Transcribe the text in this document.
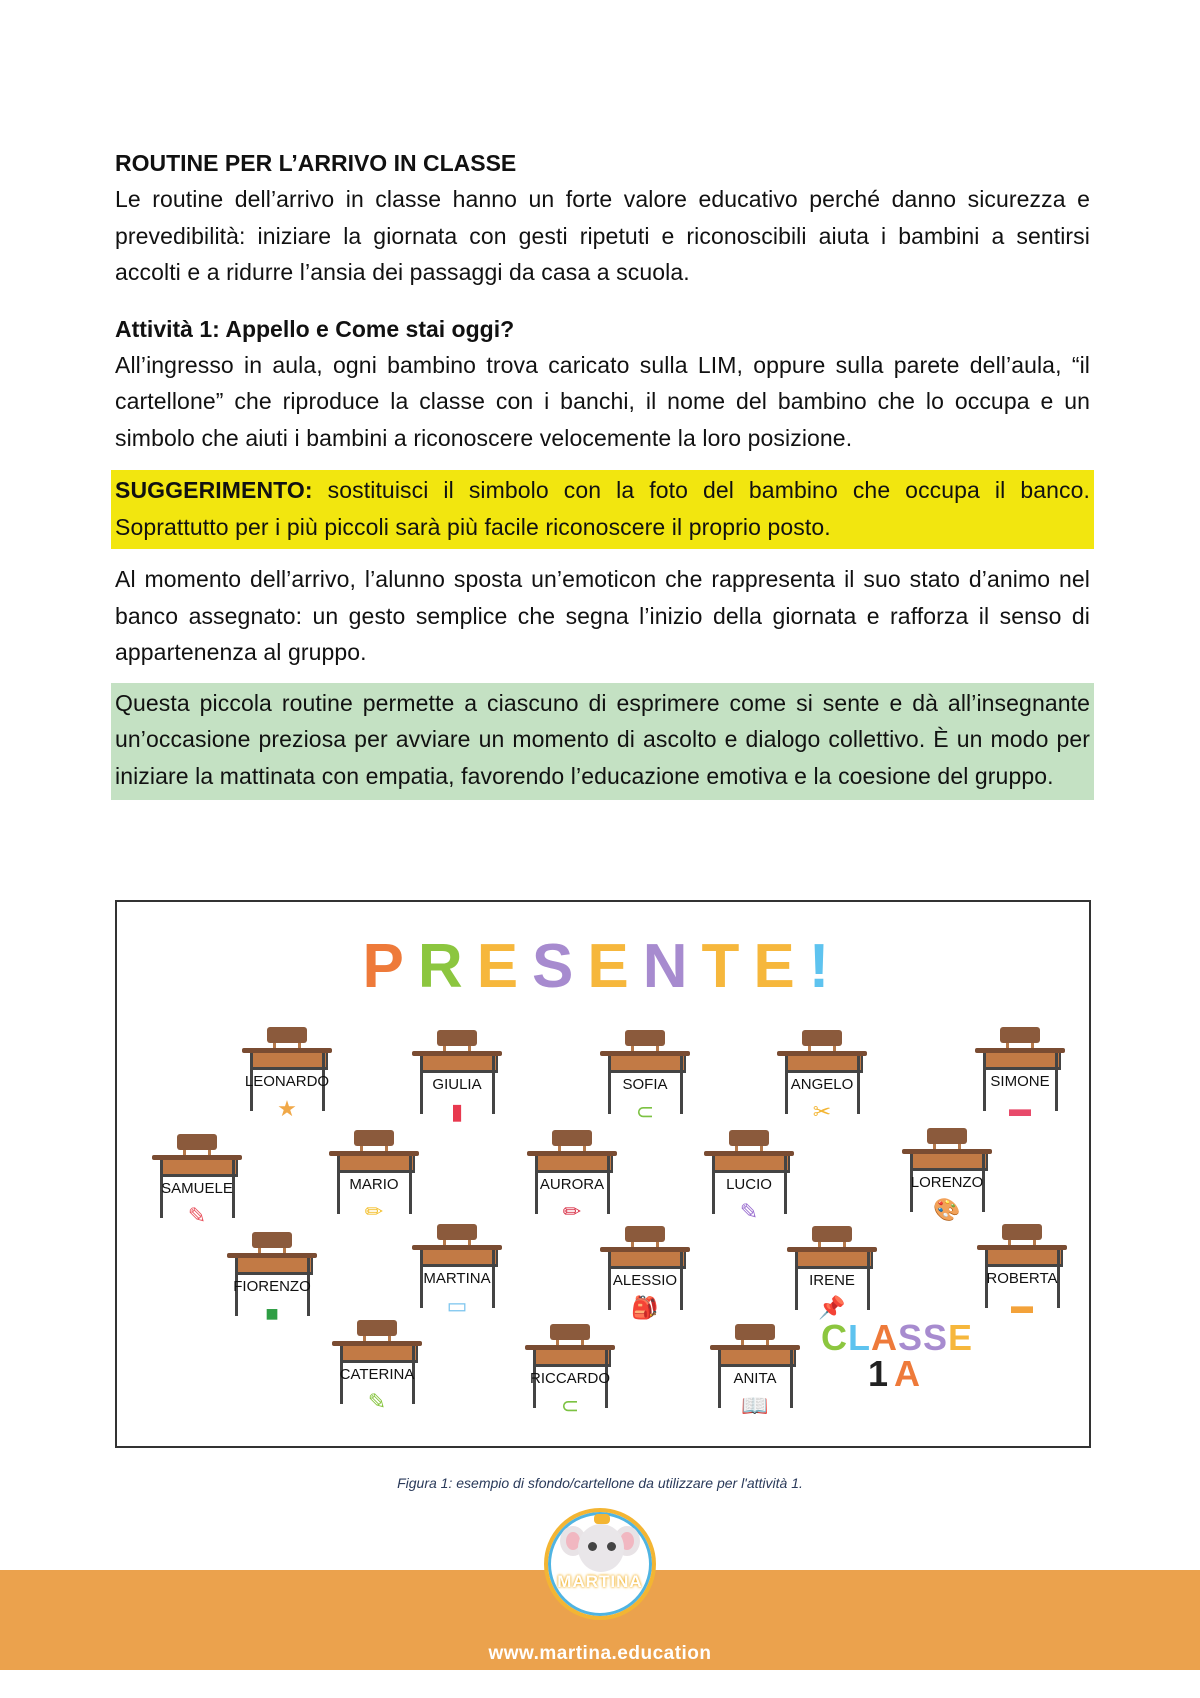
ROUTINE PER L’ARRIVO IN CLASSE

Le routine dell’arrivo in classe hanno un forte valore educativo perché danno sicurezza e prevedibilità: iniziare la giornata con gesti ripetuti e riconoscibili aiuta i bambini a sentirsi accolti e a ridurre l’ansia dei passaggi da casa a scuola.

Attività 1: Appello e Come stai oggi?

All’ingresso in aula, ogni bambino trova caricato sulla LIM, oppure sulla parete dell’aula, “il cartellone” che riproduce la classe con i banchi, il nome del bambino che lo occupa e un simbolo che aiuti i bambini a riconoscere velocemente la loro posizione.

SUGGERIMENTO: sostituisci il simbolo con la foto del bambino che occupa il banco. Soprattutto per i più piccoli sarà più facile riconoscere il proprio posto.

Al momento dell’arrivo, l’alunno sposta un’emoticon che rappresenta il suo stato d’animo nel banco assegnato: un gesto semplice che segna l’inizio della giornata e rafforza il senso di appartenenza al gruppo.

Questa piccola routine permette a ciascuno di esprimere come si sente e dà all’insegnante un’occasione preziosa per avviare un momento di ascolto e dialogo collettivo. È un modo per iniziare la mattinata con empatia, favorendo l’educazione emotiva e la coesione del gruppo.

PRESENTE!
LEONARDO
★
GIULIA
▮
SOFIA
⊂
ANGELO
✂
SIMONE
▬
SAMUELE
✎
MARIO
✏
AURORA
✏
LUCIO
✎
LORENZO
🎨
FIORENZO
■
MARTINA
▭
ALESSIO
🎒
IRENE
📌
ROBERTA
▬
CATERINA
✎
RICCARDO
⊂
ANITA
📖
CLASSE
1A
Figura 1: esempio di sfondo/cartellone da utilizzare per l'attività 1.
MARTINA
www.martina.education
